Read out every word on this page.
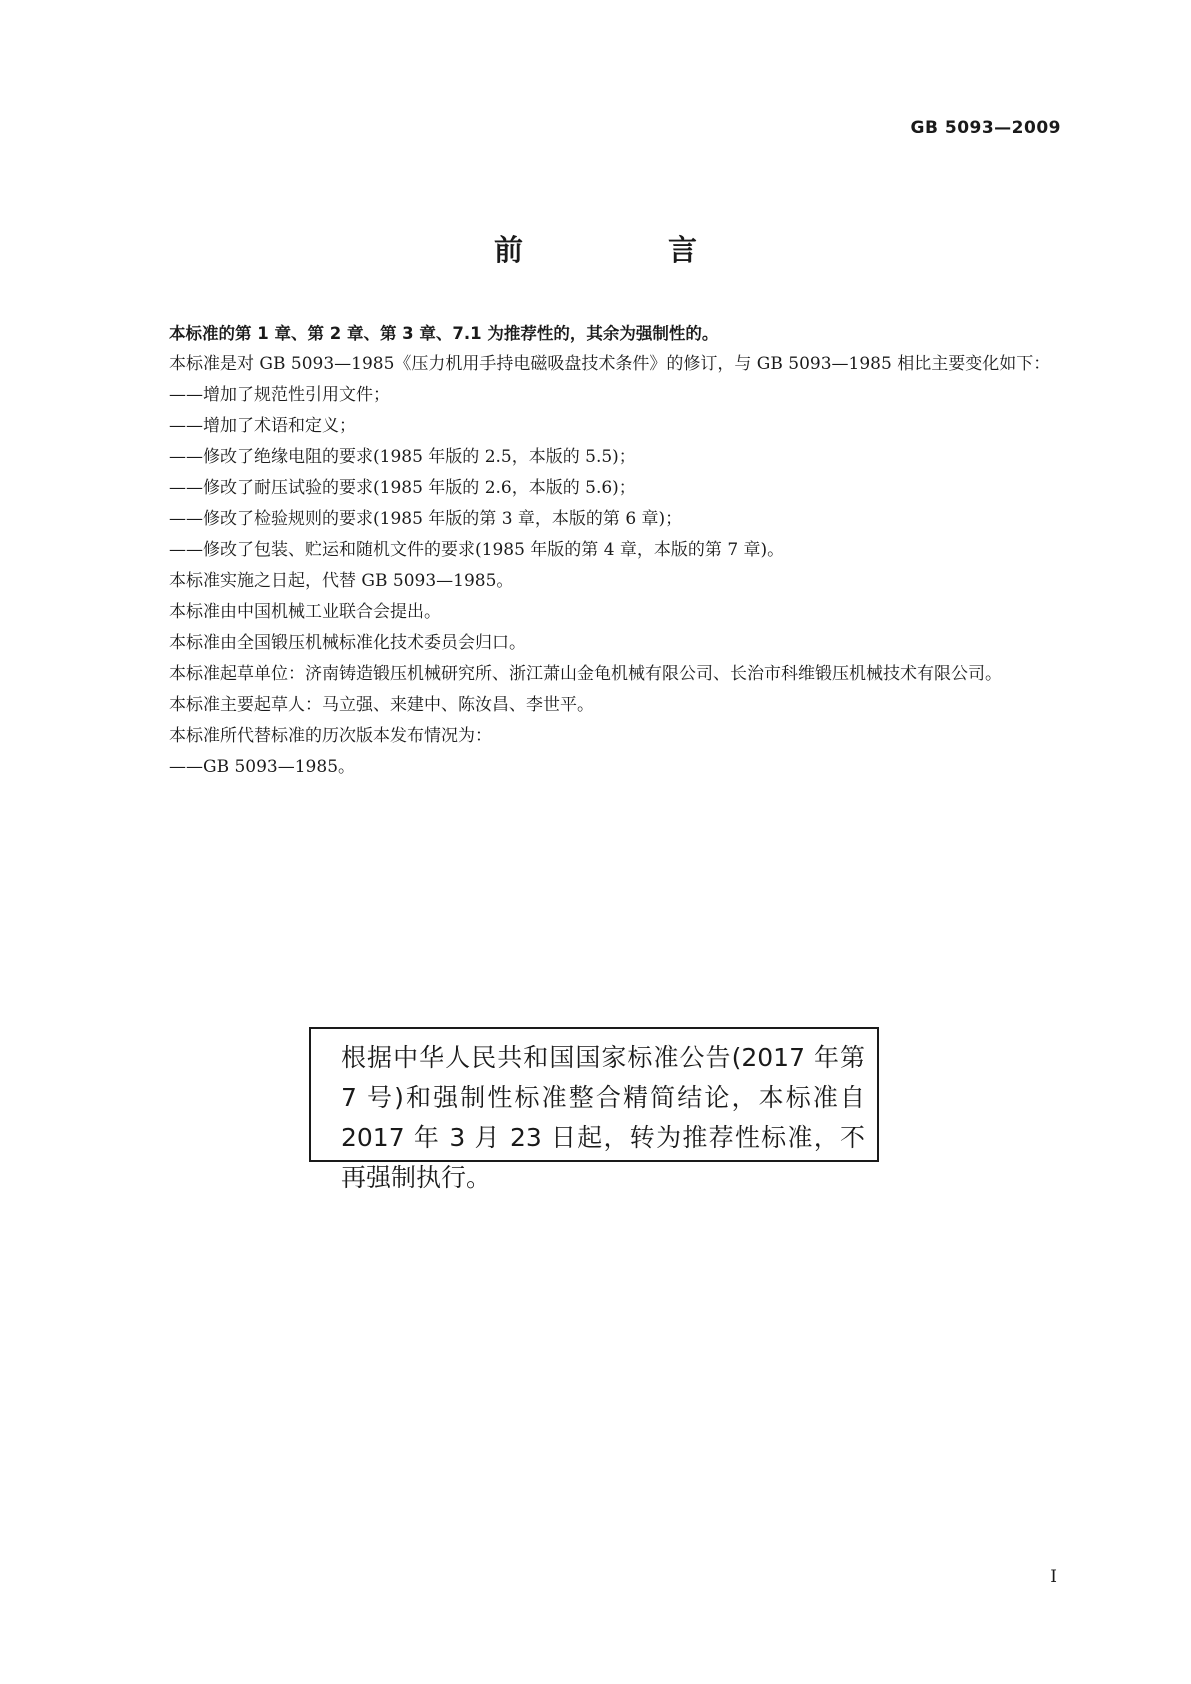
GB 5093—2009
前　言

本标准的第 1 章、第 2 章、第 3 章、7.1 为推荐性的，其余为强制性的。

本标准是对 GB 5093—1985《压力机用手持电磁吸盘技术条件》的修订，与 GB 5093—1985 相比主要变化如下：

——增加了规范性引用文件；

——增加了术语和定义；

——修改了绝缘电阻的要求(1985 年版的 2.5，本版的 5.5)；

——修改了耐压试验的要求(1985 年版的 2.6，本版的 5.6)；

——修改了检验规则的要求(1985 年版的第 3 章，本版的第 6 章)；

——修改了包装、贮运和随机文件的要求(1985 年版的第 4 章，本版的第 7 章)。

本标准实施之日起，代替 GB 5093—1985。

本标准由中国机械工业联合会提出。

本标准由全国锻压机械标准化技术委员会归口。

本标准起草单位：济南铸造锻压机械研究所、浙江萧山金龟机械有限公司、长治市科维锻压机械技术有限公司。

本标准主要起草人：马立强、来建中、陈汝昌、李世平。

本标准所代替标准的历次版本发布情况为：

——GB 5093—1985。

根据中华人民共和国国家标准公告(2017 年第 7 号)和强制性标准整合精简结论，本标准自 2017 年 3 月 23 日起，转为推荐性标准，不再强制执行。
I
